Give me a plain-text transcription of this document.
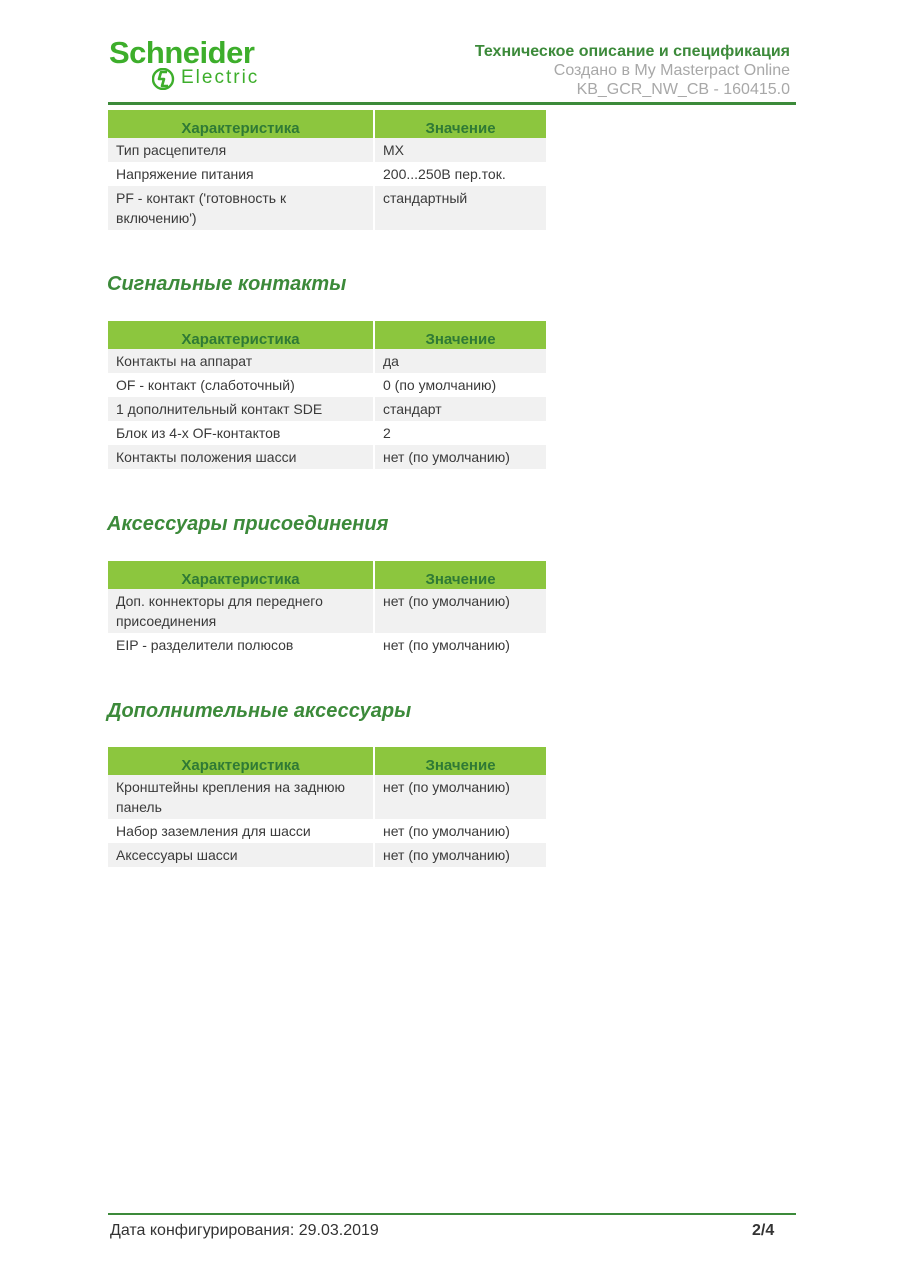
Schneider
Electric
Техническое описание и спецификация
Создано в My Masterpact Online
KB_GCR_NW_CB - 160415.0
Характеристика	Значение
Тип расцепителя	MX
Напряжение питания	200...250В пер.ток.
PF - контакт ('готовность к включению')	стандартный
Сигнальные контакты
Характеристика	Значение
Контакты на аппарат	да
OF - контакт (слаботочный)	0 (по умолчанию)
1 дополнительный контакт SDE	стандарт
Блок из 4-х OF-контактов	2
Контакты положения шасси	нет (по умолчанию)
Аксессуары присоединения
Характеристика	Значение
Доп. коннекторы для переднего присоединения	нет (по умолчанию)
EIP - разделители полюсов	нет (по умолчанию)
Дополнительные аксессуары
Характеристика	Значение
Кронштейны крепления на заднюю панель	нет (по умолчанию)
Набор заземления для шасси	нет (по умолчанию)
Аксессуары шасси	нет (по умолчанию)
Дата конфигурирования: 29.03.2019	2/4
